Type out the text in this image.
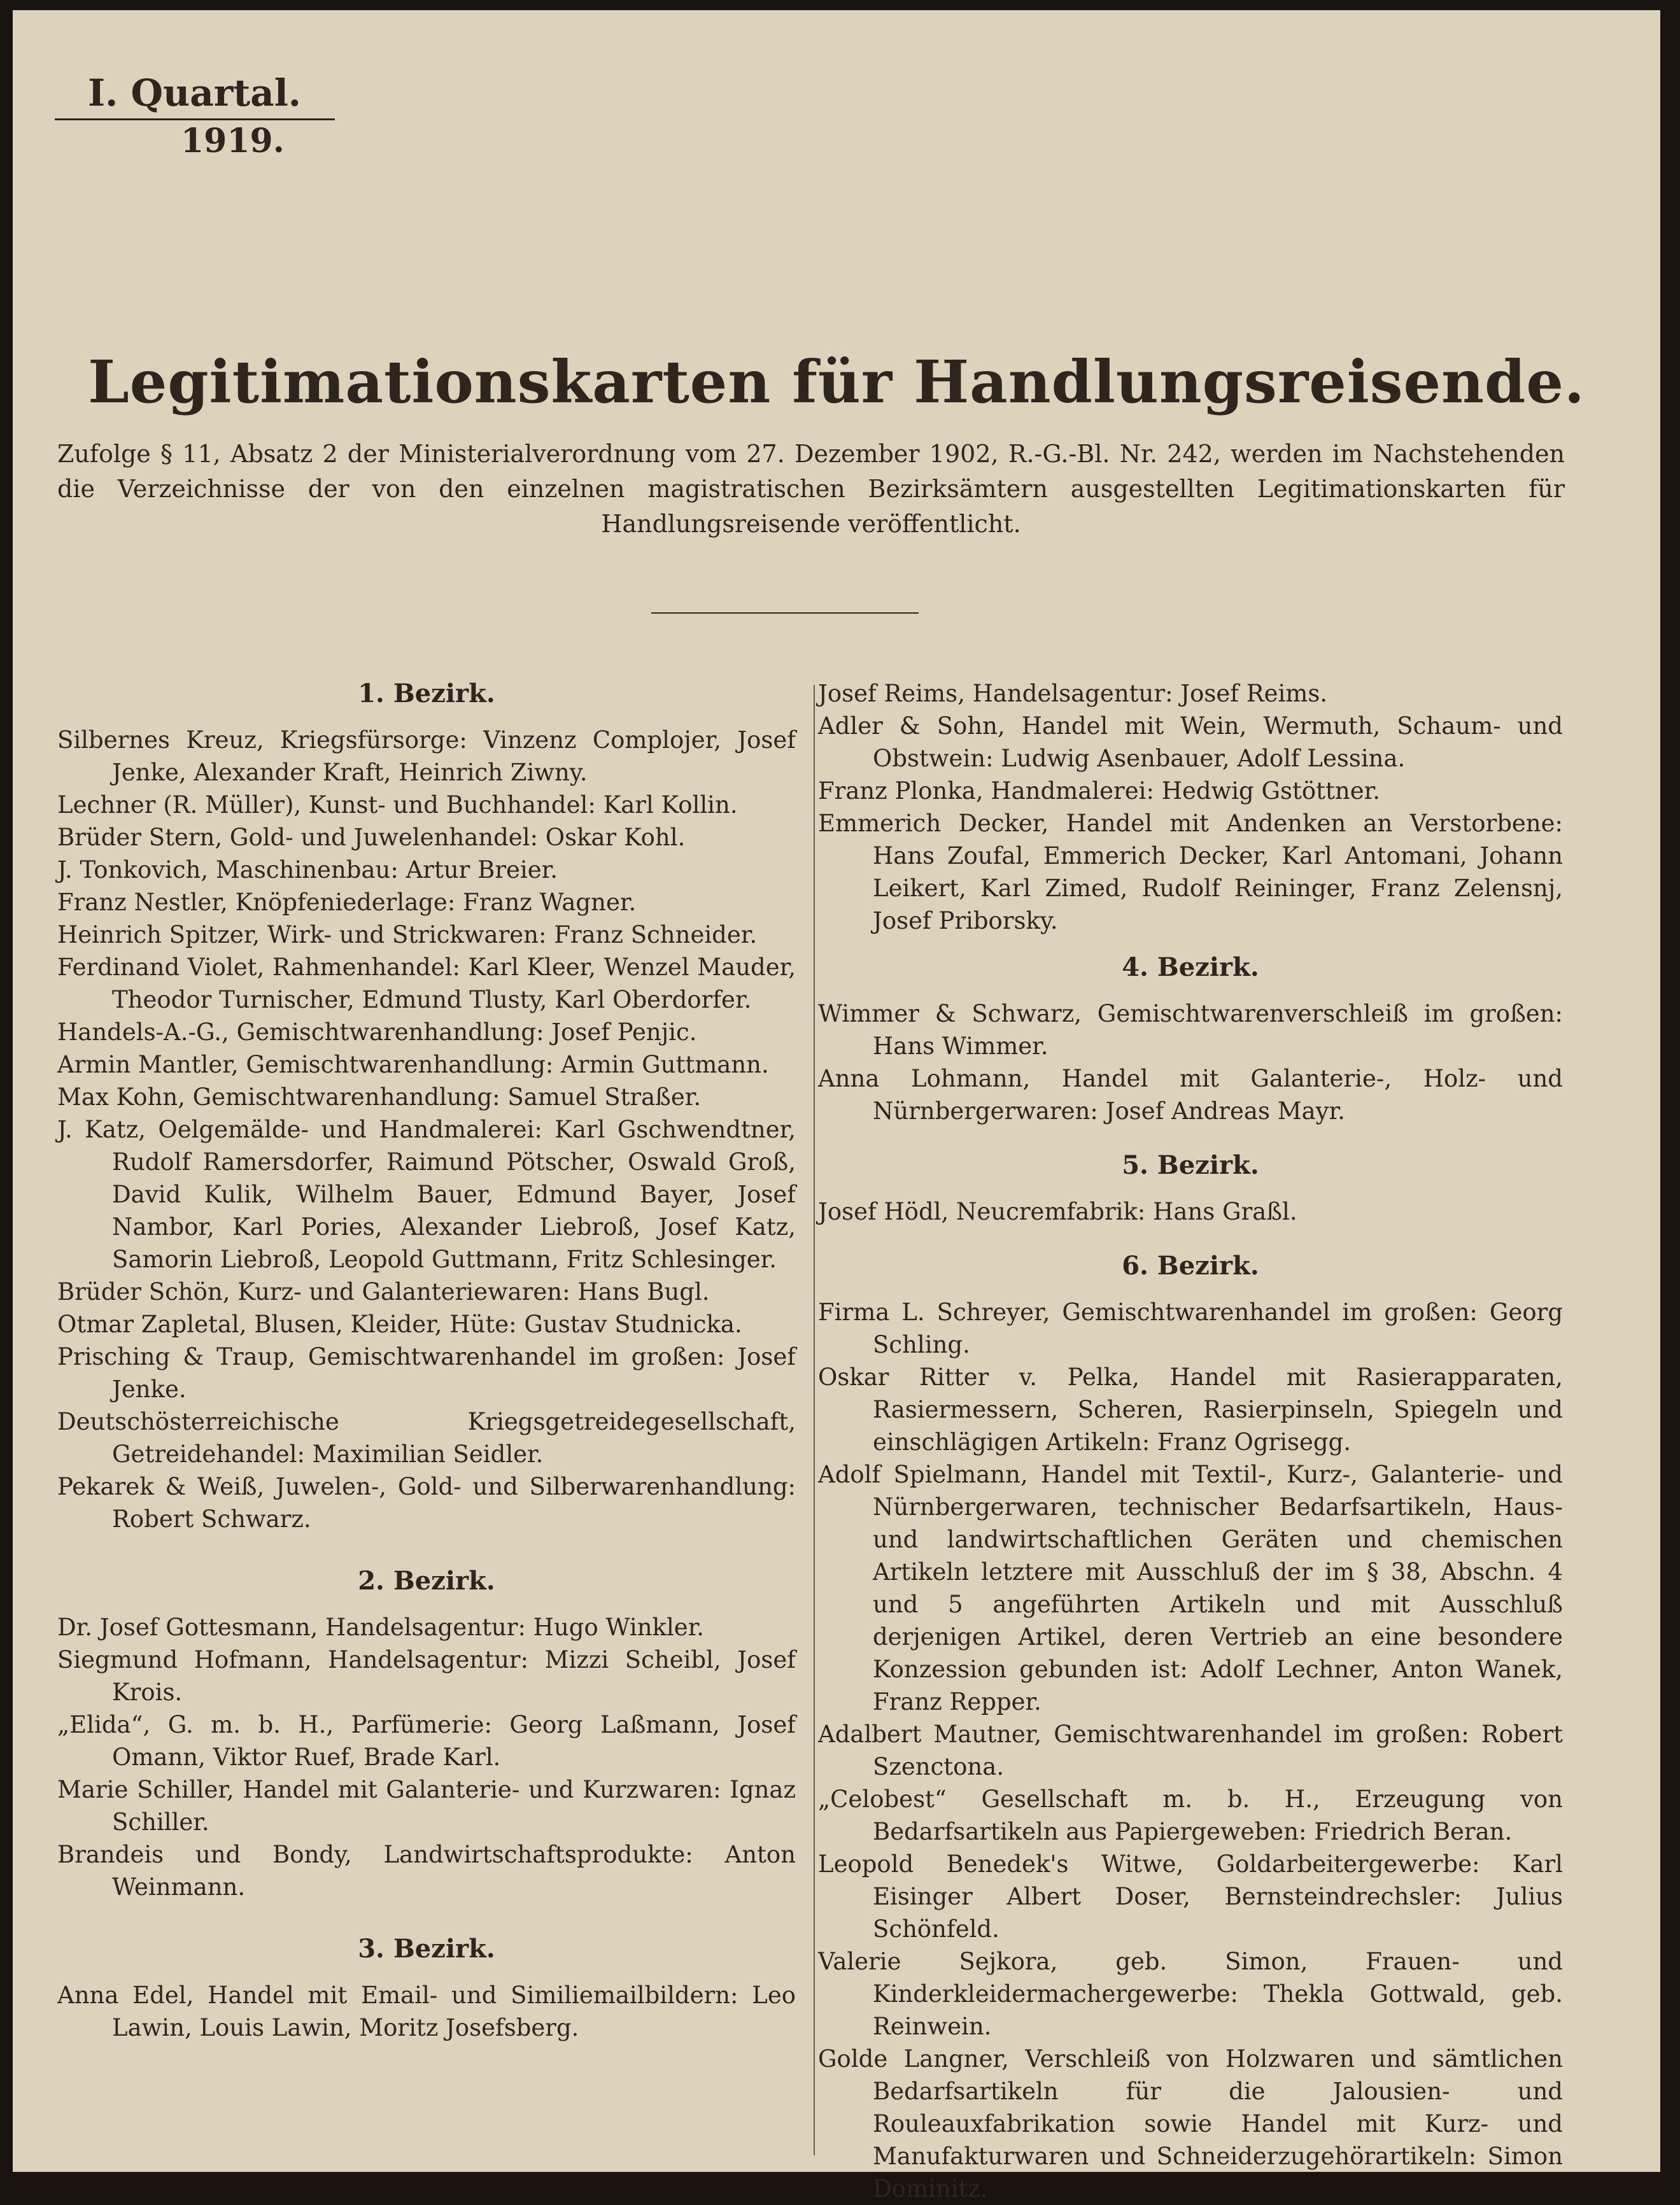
I. Quartal.
1919.
Legitimationskarten für Handlungsreisende.
Zufolge § 11, Absatz 2 der Ministerialverordnung vom 27. Dezember 1902, R.-G.-Bl. Nr. 242, werden im Nachstehenden die Verzeichnisse der von den einzelnen magistratischen Bezirksämtern ausgestellten Legitimationskarten für Handlungsreisende veröffentlicht.

1. Bezirk.

Silbernes Kreuz, Kriegsfürsorge: Vinzenz Complojer, Josef Jenke, Alexander Kraft, Heinrich Ziwny.

Lechner (R. Müller), Kunst- und Buchhandel: Karl Kollin.

Brüder Stern, Gold- und Juwelenhandel: Oskar Kohl.

J. Tonkovich, Maschinenbau: Artur Breier.

Franz Nestler, Knöpfeniederlage: Franz Wagner.

Heinrich Spitzer, Wirk- und Strickwaren: Franz Schneider.

Ferdinand Violet, Rahmenhandel: Karl Kleer, Wenzel Mauder, Theodor Turnischer, Edmund Tlusty, Karl Oberdorfer.

Handels-A.-G., Gemischtwarenhandlung: Josef Penjic.

Armin Mantler, Gemischtwarenhandlung: Armin Guttmann.

Max Kohn, Gemischtwarenhandlung: Samuel Straßer.

J. Katz, Oelgemälde- und Handmalerei: Karl Gschwendtner, Rudolf Ramersdorfer, Raimund Pötscher, Oswald Groß, David Kulik, Wilhelm Bauer, Edmund Bayer, Josef Nambor, Karl Pories, Alexander Liebroß, Josef Katz, Samorin Liebroß, Leopold Guttmann, Fritz Schlesinger.

Brüder Schön, Kurz- und Galanteriewaren: Hans Bugl.

Otmar Zapletal, Blusen, Kleider, Hüte: Gustav Studnicka.

Prisching & Traup, Gemischtwarenhandel im großen: Josef Jenke.

Deutschösterreichische Kriegsgetreidegesellschaft, Getreidehandel: Maximilian Seidler.

Pekarek & Weiß, Juwelen-, Gold- und Silberwarenhandlung: Robert Schwarz.

2. Bezirk.

Dr. Josef Gottesmann, Handelsagentur: Hugo Winkler.

Siegmund Hofmann, Handelsagentur: Mizzi Scheibl, Josef Krois.

„Elida“, G. m. b. H., Parfümerie: Georg Laßmann, Josef Omann, Viktor Ruef, Brade Karl.

Marie Schiller, Handel mit Galanterie- und Kurzwaren: Ignaz Schiller.

Brandeis und Bondy, Landwirtschaftsprodukte: Anton Weinmann.

3. Bezirk.

Anna Edel, Handel mit Email- und Similiemailbildern: Leo Lawin, Louis Lawin, Moritz Josefsberg.

Josef Reims, Handelsagentur: Josef Reims.

Adler & Sohn, Handel mit Wein, Wermuth, Schaum- und Obstwein: Ludwig Asenbauer, Adolf Lessina.

Franz Plonka, Handmalerei: Hedwig Gstöttner.

Emmerich Decker, Handel mit Andenken an Verstorbene: Hans Zoufal, Emmerich Decker, Karl Antomani, Johann Leikert, Karl Zimed, Rudolf Reininger, Franz Zelensnj, Josef Priborsky.

4. Bezirk.

Wimmer & Schwarz, Gemischtwarenverschleiß im großen: Hans Wimmer.

Anna Lohmann, Handel mit Galanterie-, Holz- und Nürnbergerwaren: Josef Andreas Mayr.

5. Bezirk.

Josef Hödl, Neucremfabrik: Hans Graßl.

6. Bezirk.

Firma L. Schreyer, Gemischtwarenhandel im großen: Georg Schling.

Oskar Ritter v. Pelka, Handel mit Rasierapparaten, Rasiermessern, Scheren, Rasierpinseln, Spiegeln und einschlägigen Artikeln: Franz Ogrisegg.

Adolf Spielmann, Handel mit Textil-, Kurz-, Galanterie- und Nürnbergerwaren, technischer Bedarfsartikeln, Haus- und landwirtschaftlichen Geräten und chemischen Artikeln letztere mit Ausschluß der im § 38, Abschn. 4 und 5 angeführten Artikeln und mit Ausschluß derjenigen Artikel, deren Vertrieb an eine besondere Konzession gebunden ist: Adolf Lechner, Anton Wanek, Franz Repper.

Adalbert Mautner, Gemischtwarenhandel im großen: Robert Szenctona.

„Celobest“ Gesellschaft m. b. H., Erzeugung von Bedarfsartikeln aus Papiergeweben: Friedrich Beran.

Leopold Benedek's Witwe, Goldarbeitergewerbe: Karl Eisinger Albert Doser, Bernsteindrechsler: Julius Schönfeld.

Valerie Sejkora, geb. Simon, Frauen- und Kinderkleidermachergewerbe: Thekla Gottwald, geb. Reinwein.

Golde Langner, Verschleiß von Holzwaren und sämtlichen Bedarfsartikeln für die Jalousien- und Rouleauxfabrikation sowie Handel mit Kurz- und Manufakturwaren und Schneiderzugehörartikeln: Simon Dominitz.
